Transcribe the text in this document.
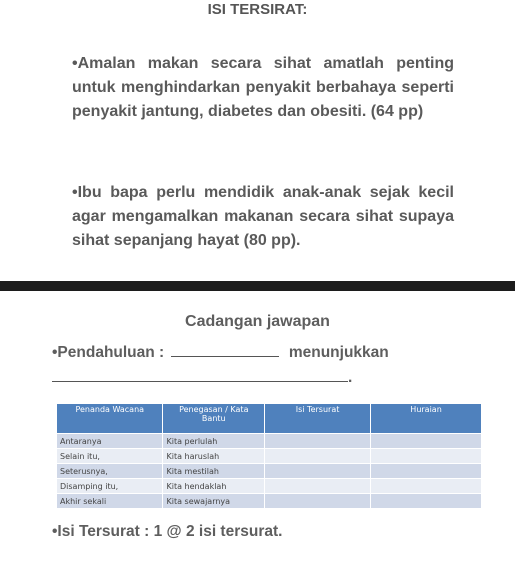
ISI TERSIRAT:
•Amalan makan secara sihat amatlah penting untuk menghindarkan penyakit berbahaya seperti penyakit jantung, diabetes dan obesiti. (64 pp)
•Ibu bapa perlu mendidik anak-anak sejak kecil agar mengamalkan makanan secara sihat supaya sihat sepanjang hayat (80 pp).
Cadangan jawapan
•Pendahuluan :	menunjukkan
.
Penanda Wacana	Penegasan / Kata Bantu	Isi Tersurat	Huraian
Antaranya	Kita perlulah		
Selain itu,	Kita haruslah		
Seterusnya,	Kita mestilah		
Disamping itu,	Kita hendaklah		
Akhir sekali	Kita sewajarnya		
•Isi Tersurat : 1 @ 2 isi tersurat.
